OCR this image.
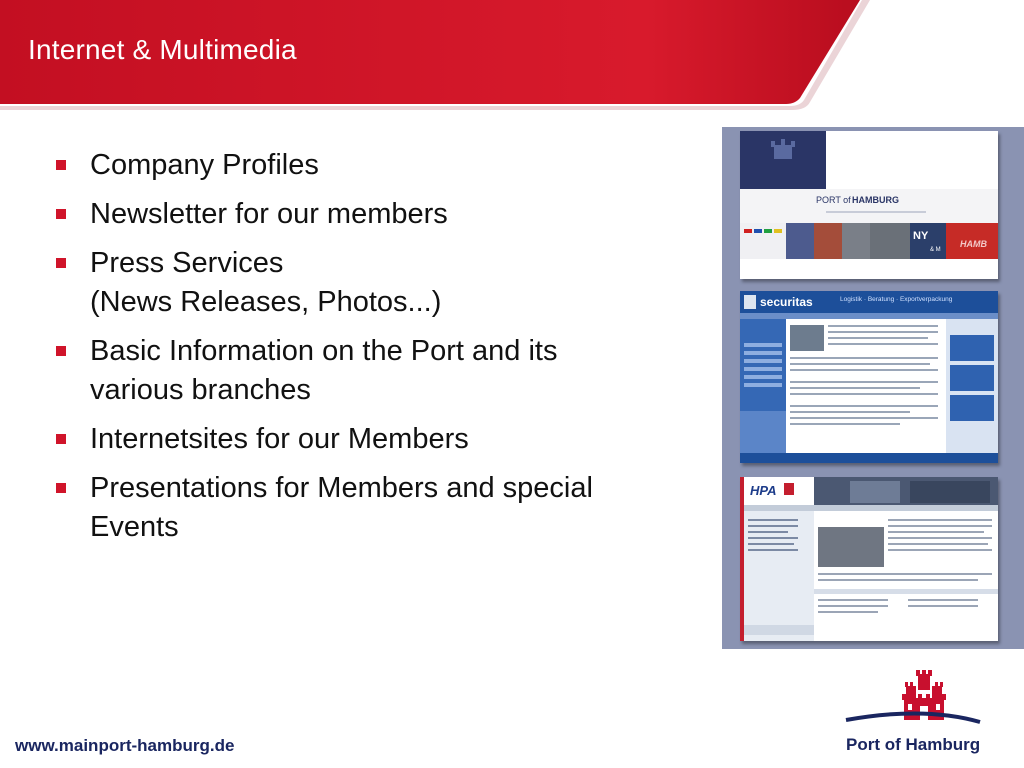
Internet & Multimedia
Company Profiles
Newsletter for our members
Press Services
(News Releases, Photos...)
Basic Information on the Port and its various branches
Internetsites for our Members
Presentations for Members and special Events
PORT of HAMBURG
NY
& M
HAMB
securitas	Logistik · Beratung · Exportverpackung
HPA
www.mainport-hamburg.de	Port of Hamburg
